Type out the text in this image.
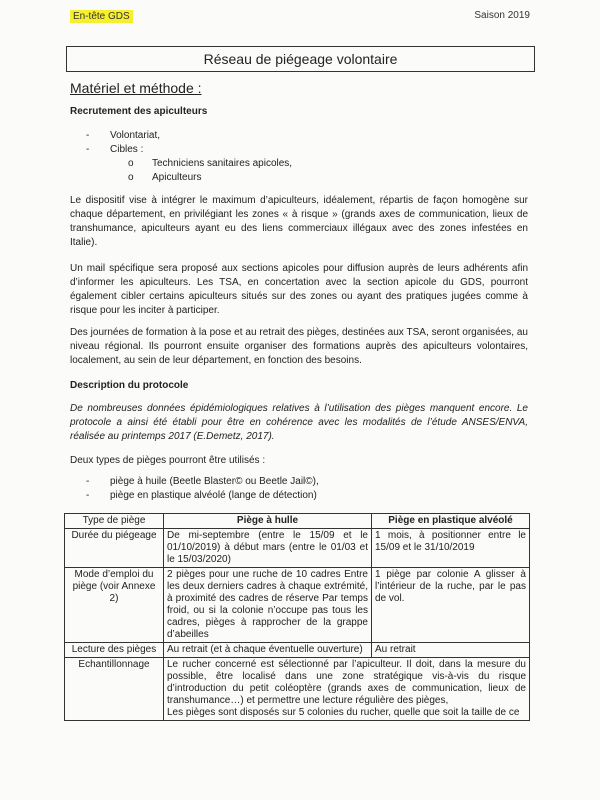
En-tête GDS	Saison 2019
Réseau de piégeage volontaire
Matériel et méthode :
Recrutement des apiculteurs
- Volontariat,
- Cibles :
o Techniciens sanitaires apicoles,
o Apiculteurs
Le dispositif vise à intégrer le maximum d’apiculteurs, idéalement, répartis de façon homogène sur chaque département, en privilégiant les zones « à risque » (grands axes de communication, lieux de transhumance, apiculteurs ayant eu des liens commerciaux illégaux avec des zones infestées en Italie).
Un mail spécifique sera proposé aux sections apicoles pour diffusion auprès de leurs adhérents afin d’informer les apiculteurs. Les TSA, en concertation avec la section apicole du GDS, pourront également cibler certains apiculteurs situés sur des zones ou ayant des pratiques jugées comme à risque pour les inciter à participer.
Des journées de formation à la pose et au retrait des pièges, destinées aux TSA, seront organisées, au niveau régional. Ils pourront ensuite organiser des formations auprès des apiculteurs volontaires, localement, au sein de leur département, en fonction des besoins.
Description du protocole
De nombreuses données épidémiologiques relatives à l’utilisation des pièges manquent encore. Le protocole a ainsi été établi pour être en cohérence avec les modalités de l’étude ANSES/ENVA, réalisée au printemps 2017 (E.Demetz, 2017).
Deux types de pièges pourront être utilisés :
- piège à huile (Beetle Blaster© ou Beetle Jail©),
- piège en plastique alvéolé (lange de détection)
Type de piège	Piège à hulle	Piège en plastique alvéolé
Durée du piégeage	De mi-septembre (entre le 15/09 et le 01/10/2019) à début mars (entre le 01/03 et le 15/03/2020)	1 mois, à positionner entre le 15/09 et le 31/10/2019
Mode d’emploi du piège (voir Annexe 2)	2 pièges pour une ruche de 10 cadres Entre les deux derniers cadres à chaque extrémité, à proximité des cadres de réserve Par temps froid, ou si la colonie n’occupe pas tous les cadres, pièges à rapprocher de la grappe d’abeilles	1 piège par colonie A glisser à l’intérieur de la ruche, par le pas de vol.
Lecture des pièges	Au retrait (et à chaque éventuelle ouverture)	Au retrait
Echantillonnage	Le rucher concerné est sélectionné par l’apiculteur. Il doit, dans la mesure du possible, être localisé dans une zone stratégique vis-à-vis du risque d’introduction du petit coléoptère (grands axes de communication, lieux de transhumance…) et permettre une lecture régulière des pièges,
Les pièges sont disposés sur 5 colonies du rucher, quelle que soit la taille de ce	
